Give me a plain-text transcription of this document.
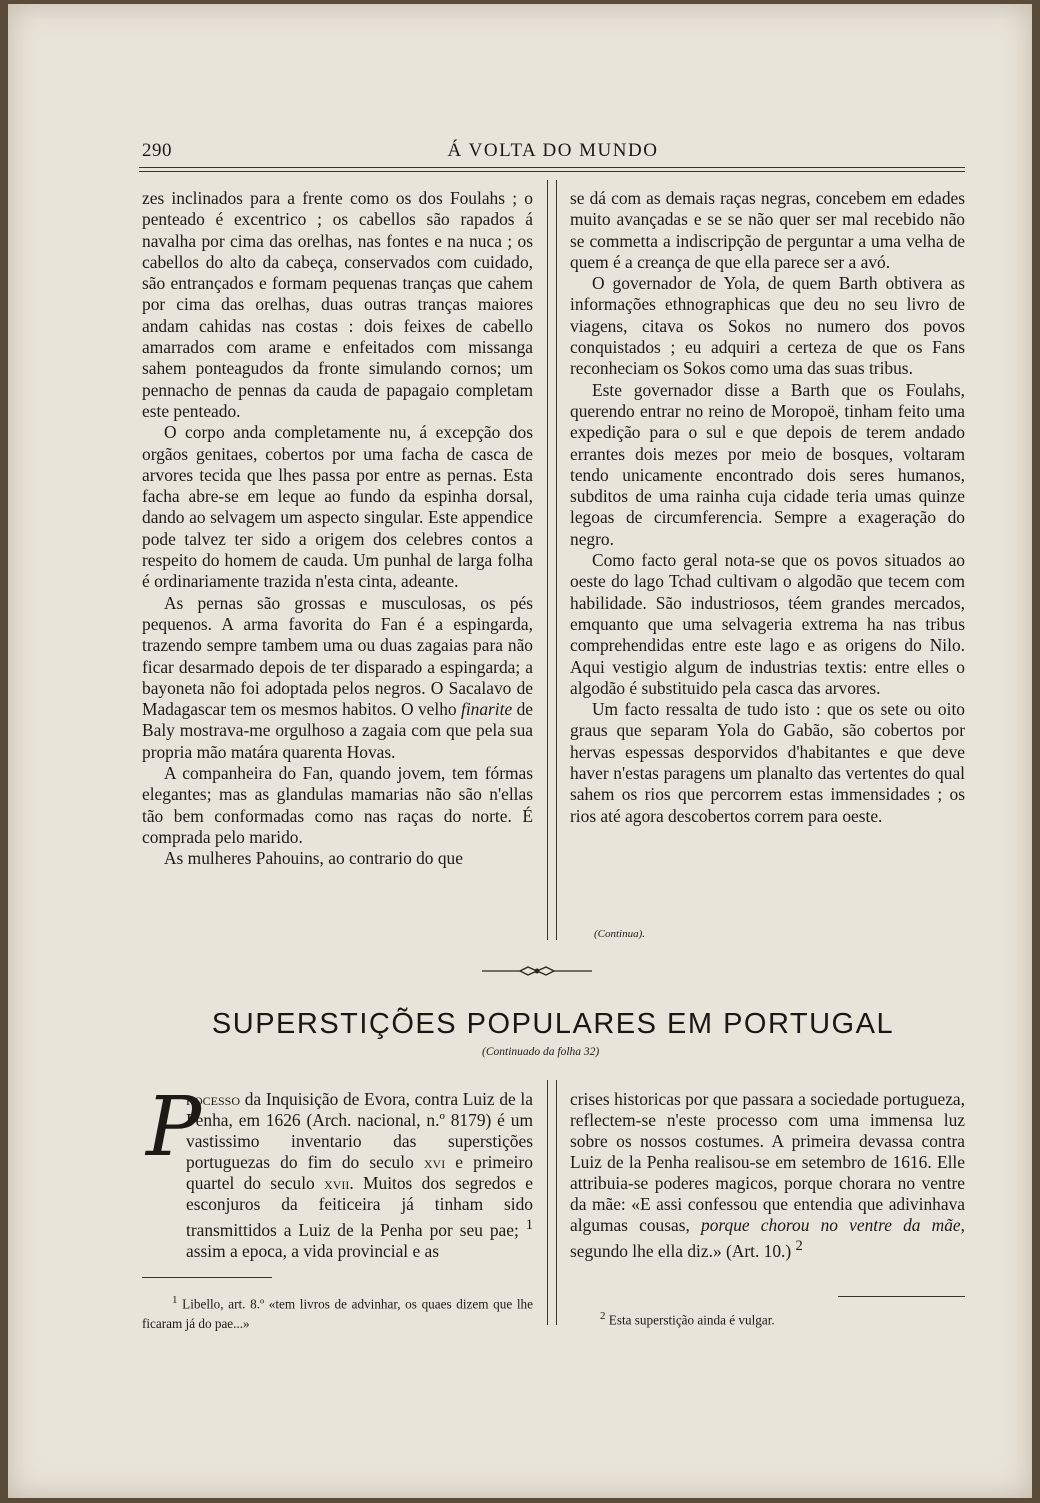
290	Á VOLTA DO MUNDO

zes inclinados para a frente como os dos Foulahs ; o penteado é excentrico ; os cabellos são rapados á navalha por cima das orelhas, nas fontes e na nuca ; os cabellos do alto da cabeça, conservados com cuidado, são entrançados e formam pequenas tranças que cahem por cima das orelhas, duas outras tranças maiores andam cahidas nas costas : dois feixes de cabello amarrados com arame e enfeitados com missanga sahem ponteagudos da fronte simulando cornos; um pennacho de pennas da cauda de papagaio completam este penteado.

O corpo anda completamente nu, á excepção dos orgãos genitaes, cobertos por uma facha de casca de arvores tecida que lhes passa por entre as pernas. Esta facha abre-se em leque ao fundo da espinha dorsal, dando ao selvagem um aspecto singular. Este appendice pode talvez ter sido a origem dos celebres contos a respeito do homem de cauda. Um punhal de larga folha é ordinariamente trazida n'esta cinta, adeante.

As pernas são grossas e musculosas, os pés pequenos. A arma favorita do Fan é a espingarda, trazendo sempre tambem uma ou duas zagaias para não ficar desarmado depois de ter disparado a espingarda; a bayoneta não foi adoptada pelos negros. O Sacalavo de Madagascar tem os mesmos habitos. O velho finarite de Baly mostrava-me orgulhoso a zagaia com que pela sua propria mão matára quarenta Hovas.

A companheira do Fan, quando jovem, tem fórmas elegantes; mas as glandulas mamarias não são n'ellas tão bem conformadas como nas raças do norte. É comprada pelo marido.

As mulheres Pahouins, ao contrario do que

se dá com as demais raças negras, concebem em edades muito avançadas e se se não quer ser mal recebido não se commetta a indiscripção de perguntar a uma velha de quem é a creança de que ella parece ser a avó.

O governador de Yola, de quem Barth obtivera as informações ethnographicas que deu no seu livro de viagens, citava os Sokos no numero dos povos conquistados ; eu adquiri a certeza de que os Fans reconheciam os Sokos como uma das suas tribus.

Este governador disse a Barth que os Foulahs, querendo entrar no reino de Moropoë, tinham feito uma expedição para o sul e que depois de terem andado errantes dois mezes por meio de bosques, voltaram tendo unicamente encontrado dois seres humanos, subditos de uma rainha cuja cidade teria umas quinze legoas de circumferencia. Sempre a exageração do negro.

Como facto geral nota-se que os povos situados ao oeste do lago Tchad cultivam o algodão que tecem com habilidade. São industriosos, téem grandes mercados, emquanto que uma selvageria extrema ha nas tribus comprehendidas entre este lago e as origens do Nilo. Aqui vestigio algum de industrias textis: entre elles o algodão é substituido pela casca das arvores.

Um facto ressalta de tudo isto : que os sete ou oito graus que separam Yola do Gabão, são cobertos por hervas espessas desporvidos d'habitantes e que deve haver n'estas paragens um planalto das vertentes do qual sahem os rios que percorrem estas immensidades ; os rios até agora descobertos correm para oeste.

(Continua).
SUPERSTIÇÕES POPULARES EM PORTUGAL
(Continuado da folha 32)
P

rocesso da Inquisição de Evora, contra Luiz de la Penha, em 1626 (Arch. nacional, n.º 8179) é um vastissimo inventario das superstições portuguezas do fim do seculo xvi e primeiro quartel do seculo xvii. Muitos dos segredos e esconjuros da feiticeira já tinham sido transmittidos a Luiz de la Penha por seu pae; $^1$ assim a epoca, a vida provincial e as

crises historicas por que passara a sociedade portugueza, reflectem-se n'este processo com uma immensa luz sobre os nossos costumes. A primeira devassa contra Luiz de la Penha realisou-se em setembro de 1616. Elle attribuia-se poderes magicos, porque chorara no ventre da mãe: «E assi confessou que entendia que adivinhava algumas cousas, porque chorou no ventre da mãe, segundo lhe ella diz.» (Art. 10.) $^2$

$^1$ Libello, art. 8.º «tem livros de advinhar, os quaes dizem que lhe ficaram já do pae...»

$^2$ Esta superstição ainda é vulgar.
